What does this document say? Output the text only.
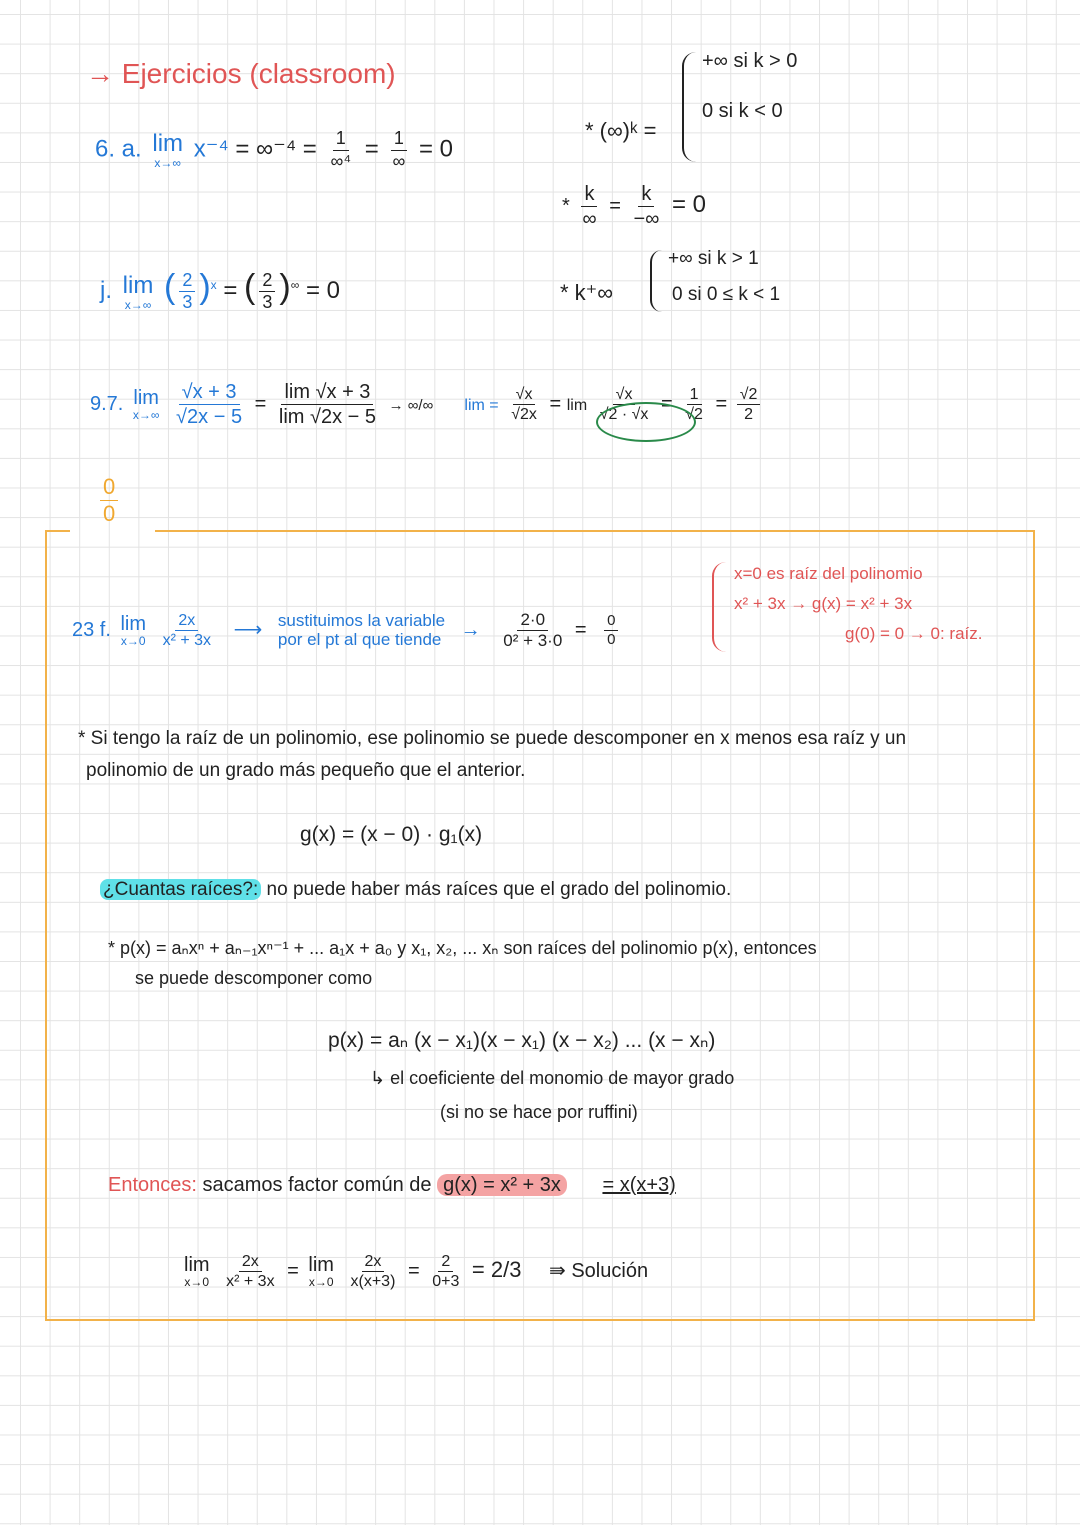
→ Ejercicios (classroom)
6. a. lim
x→∞
$x^{-4} = \infty^{-4} = \frac{1}{\text{∞⁴}} = \frac{1}{\infty} = 0$
j. lim
x→∞ ( $\frac{2}{3} )^x$ = ( $\frac{2}{3} )^\infty = 0$
* (∞)ᵏ =
+∞ si k > 0
0 si k < 0
* $\frac{k}{\infty} = \frac{k}{-\infty} = 0$
* k⁺∞
+∞ si k > 1
0 si 0 ≤ k < 1
9.7. lim
x→∞
$\frac{√x + 3}{√2x - 5} = \frac{\lim √x + 3}{\lim √2x - 5}$ → ∞/∞ $\lim = \frac{√x}{√2x} = \lim \frac{√x}{√2 \cdot √x} = \frac{1}{√2} = \frac{√2}{2}$
$\frac{0}{0}$
23 f. lim
x→0
$\frac{2x}{\text{x² + 3x}}$ ⟶ sustituimos la variable
por el pt al que tiende → $\frac{2\cdot 0}{\text{0² + 3·0}} = \frac{0}{0}$
x=0 es raíz del polinomio
x² + 3x → g(x) = x² + 3x
g(0) = 0 → 0: raíz.
* Si tengo la raíz de un polinomio, ese polinomio se puede descomponer en x menos esa raíz y un
polinomio de un grado más pequeño que el anterior.
g(x) = (x − 0) · g₁(x)
¿Cuantas raíces?: no puede haber más raíces que el grado del polinomio.
* p(x) = aₙxⁿ + aₙ₋₁xⁿ⁻¹ + ... a₁x + a₀ y x₁, x₂, ... xₙ son raíces del polinomio p(x), entonces
se puede descomponer como
p(x) = aₙ (x − x₁)(x − x₁) (x − x₂) ... (x − xₙ)
↳ el coeficiente del monomio de mayor grado
(si no se hace por ruffini)
Entonces: sacamos factor común de g(x) = x² + 3x = x(x+3)
lim
x→0
$\frac{2x}{\text{x² + 3x}} = \lim$
x→0
$\frac{2x}{x(x+3)} = \frac{2}{0+3} = 2/3$ ⇛ Solución
